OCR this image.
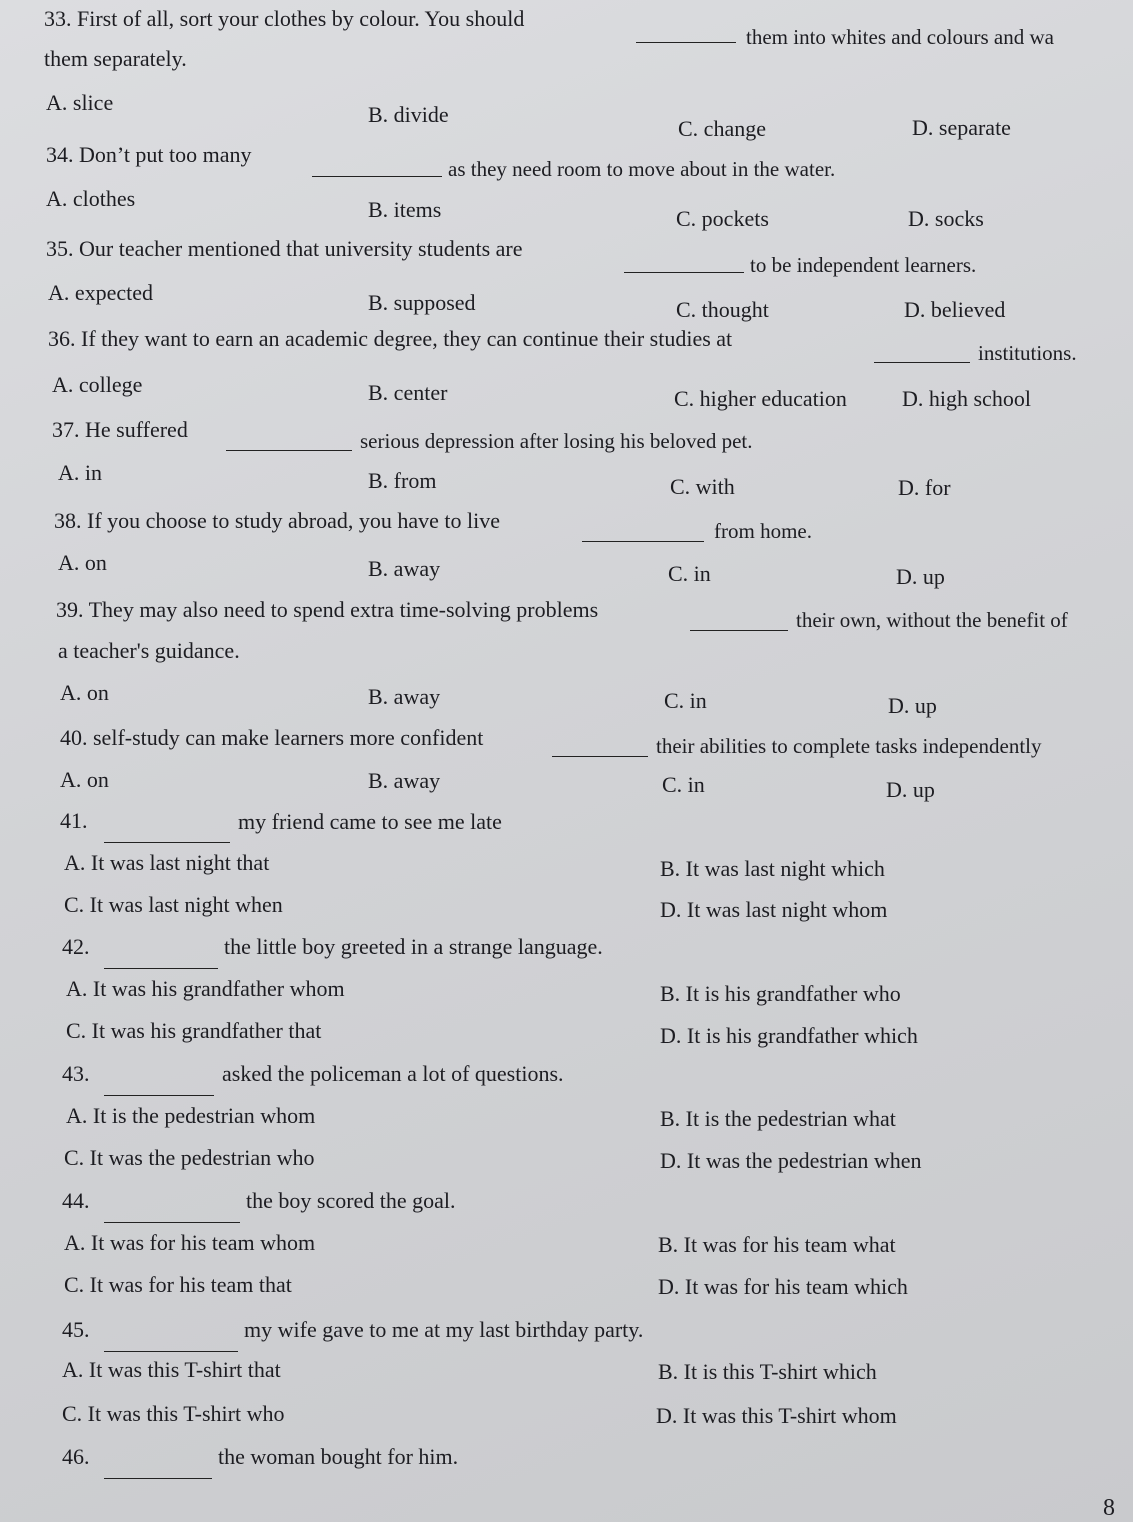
33. First of all, sort your clothes by colour. You should
them into whites and colours and wa
them separately.
A. slice	B. divide
C. change	D. separate
34. Don’t put too many
as they need room to move about in the water.
A. clothes	B. items	C. pockets	D. socks
35. Our teacher mentioned that university students are
to be independent learners.
A. expected	B. supposed	C. thought	D. believed
36. If they want to earn an academic degree, they can continue their studies at
institutions.
A. college	B. center	C. higher education	D. high school
37. He suffered	serious depression after losing his beloved pet.
A. in	B. from	C. with	D. for
38. If you choose to study abroad, you have to live	from home.
A. on	B. away	C. in	D. up
39. They may also need to spend extra time-solving problems	their own, without the benefit of
a teacher's guidance.
A. on	B. away	C. in	D. up
40. self-study can make learners more confident	their abilities to complete tasks independently
A. on	B. away	C. in	D. up
41.	my friend came to see me late
A. It was last night that	B. It was last night which
C. It was last night when	D. It was last night whom
42.	the little boy greeted in a strange language.
A. It was his grandfather whom	B. It is his grandfather who
C. It was his grandfather that	D. It is his grandfather which
43.	asked the policeman a lot of questions.
A. It is the pedestrian whom	B. It is the pedestrian what
C. It was the pedestrian who	D. It was the pedestrian when
44.	the boy scored the goal.
A. It was for his team whom	B. It was for his team what
C. It was for his team that	D. It was for his team which
45.	my wife gave to me at my last birthday party.
A. It was this T-shirt that	B. It is this T-shirt which
C. It was this T-shirt who	D. It was this T-shirt whom
46.	the woman bought for him.
8
